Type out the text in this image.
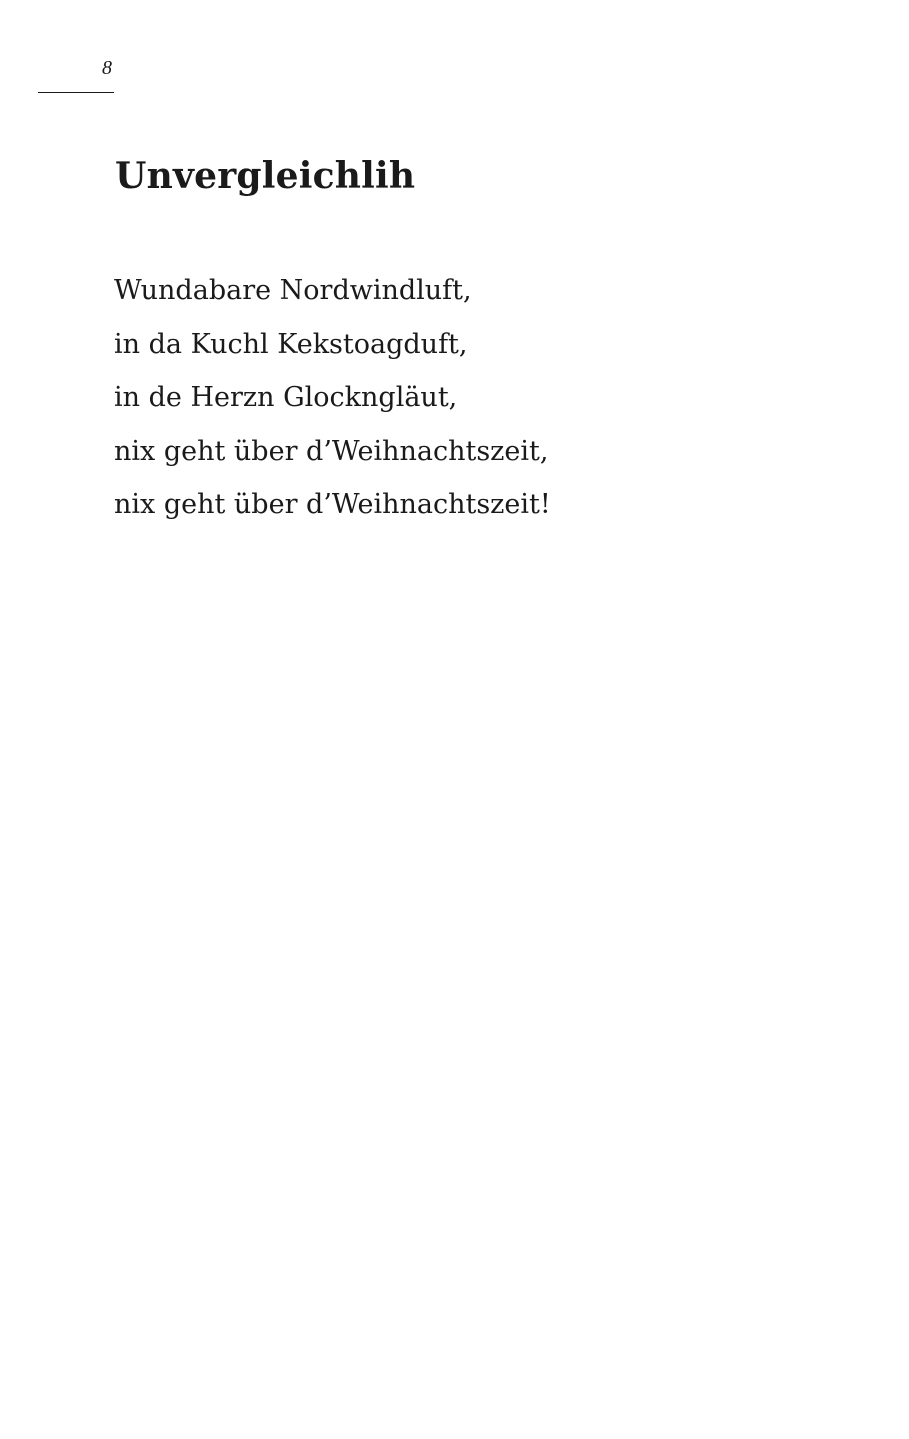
8
Unvergleichlih
Wundabare Nordwindluft,
in da Kuchl Kekstoagduft,
in de Herzn Glockngläut,
nix geht über d’Weihnachtszeit,
nix geht über d’Weihnachtszeit!
